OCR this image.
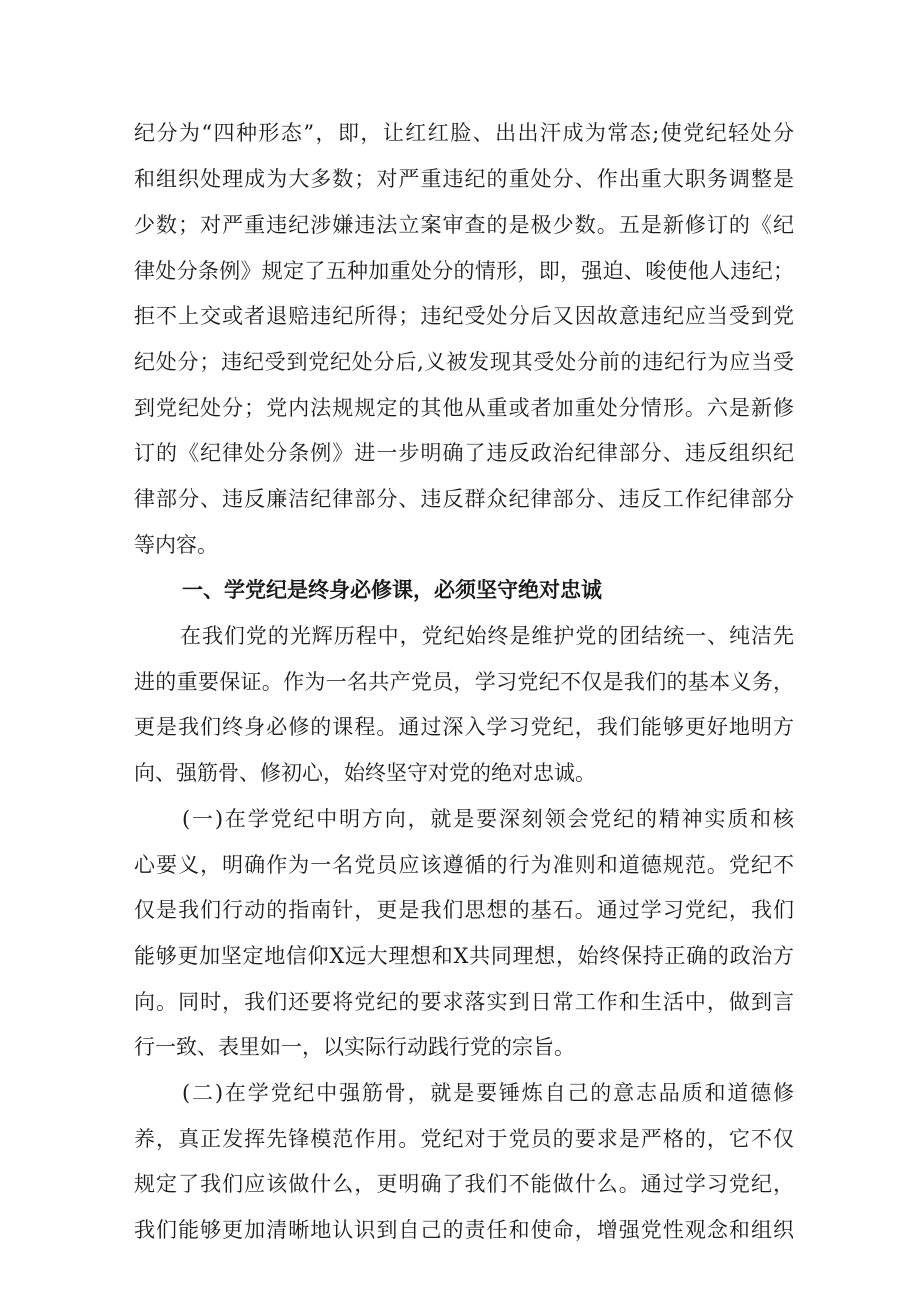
纪分为“四种形态”，即，让红红脸、出出汗成为常态;使党纪轻处分
和组织处理成为大多数；对严重违纪的重处分、作出重大职务调整是
少数；对严重违纪涉嫌违法立案审查的是极少数。五是新修订的《纪
律处分条例》规定了五种加重处分的情形，即，强迫、唆使他人违纪；
拒不上交或者退赔违纪所得；违纪受处分后又因故意违纪应当受到党
纪处分；违纪受到党纪处分后,义被发现其受处分前的违纪行为应当受
到党纪处分；党内法规规定的其他从重或者加重处分情形。六是新修
订的《纪律处分条例》进一步明确了违反政治纪律部分、违反组织纪
律部分、违反廉洁纪律部分、违反群众纪律部分、违反工作纪律部分
等内容。
一、学党纪是终身必修课，必须坚守绝对忠诚
在我们党的光辉历程中，党纪始终是维护党的团结统一、纯洁先
进的重要保证。作为一名共产党员，学习党纪不仅是我们的基本义务，
更是我们终身必修的课程。通过深入学习党纪，我们能够更好地明方
向、强筋骨、修初心，始终坚守对党的绝对忠诚。
(一)在学党纪中明方向，就是要深刻领会党纪的精神实质和核
心要义，明确作为一名党员应该遵循的行为准则和道德规范。党纪不
仅是我们行动的指南针，更是我们思想的基石。通过学习党纪，我们
能够更加坚定地信仰X远大理想和X共同理想，始终保持正确的政治方
向。同时，我们还要将党纪的要求落实到日常工作和生活中，做到言
行一致、表里如一，以实际行动践行党的宗旨。
(二)在学党纪中强筋骨，就是要锤炼自己的意志品质和道德修
养，真正发挥先锋模范作用。党纪对于党员的要求是严格的，它不仅
规定了我们应该做什么，更明确了我们不能做什么。通过学习党纪，
我们能够更加清晰地认识到自己的责任和使命，增强党性观念和组织
